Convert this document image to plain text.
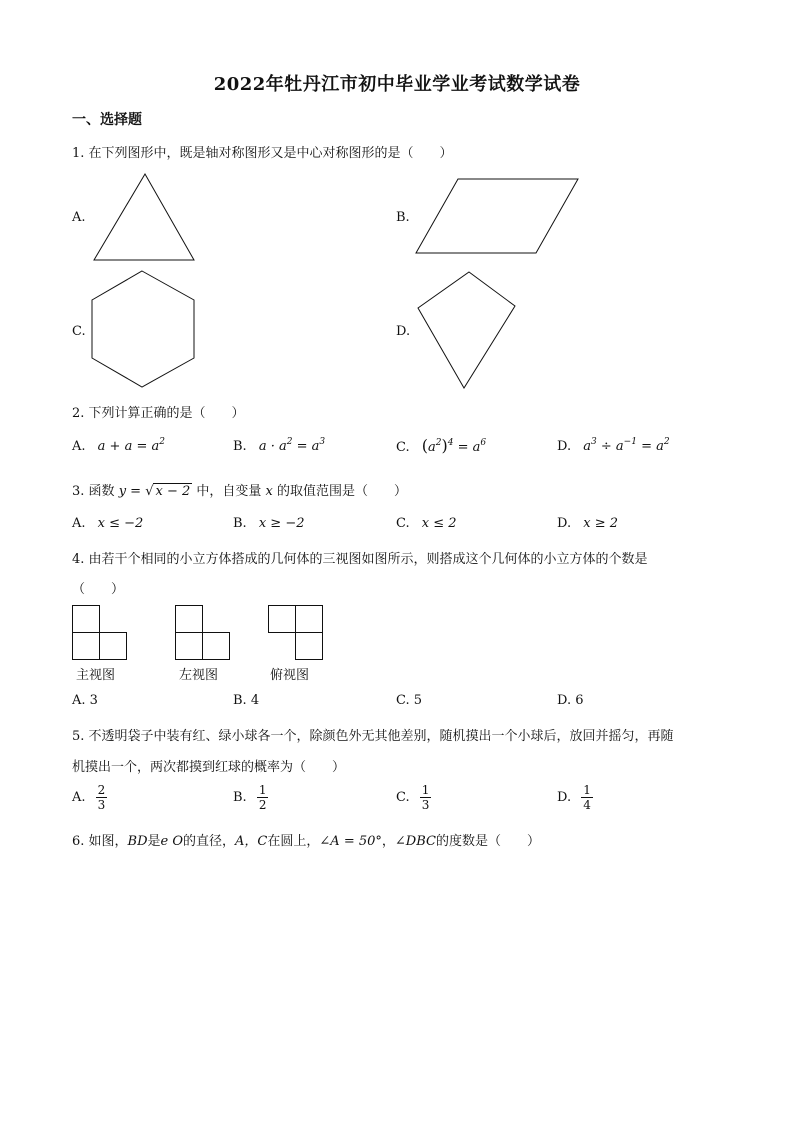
2022年牡丹江市初中毕业学业考试数学试卷
一、选择题
1. 在下列图形中，既是轴对称图形又是中心对称图形的是（　　）
A.	B.
C.	D.
2. 下列计算正确的是（　　）
A. $a + a = a^2$	B. $a \cdot a^2 = a^3$	C. $(a^2)^4 = a^6$	D. $a^3 \div a^{-1} = a^2$
3. 函数 y = √ x − 2 中，自变量 x 的取值范围是（　　）
A. x ≤ −2	B. x ≥ −2	C. x ≤ 2	D. x ≥ 2
4. 由若干个相同的小立方体搭成的几何体的三视图如图所示，则搭成这个几何体的小立方体的个数是
（　　）
主视图	左视图	俯视图
A. 3	B. 4	C. 5	D. 6
5. 不透明袋子中装有红、绿小球各一个，除颜色外无其他差别，随机摸出一个小球后，放回并摇匀，再随
机摸出一个，两次都摸到红球的概率为（　　）
A. $\frac{2}{3}$	B. $\frac{1}{2}$	C. $\frac{1}{3}$	D. $\frac{1}{4}$
6. 如图，BD是e O的直径，A，C在圆上，∠A = 50°，∠DBC的度数是（　　）
